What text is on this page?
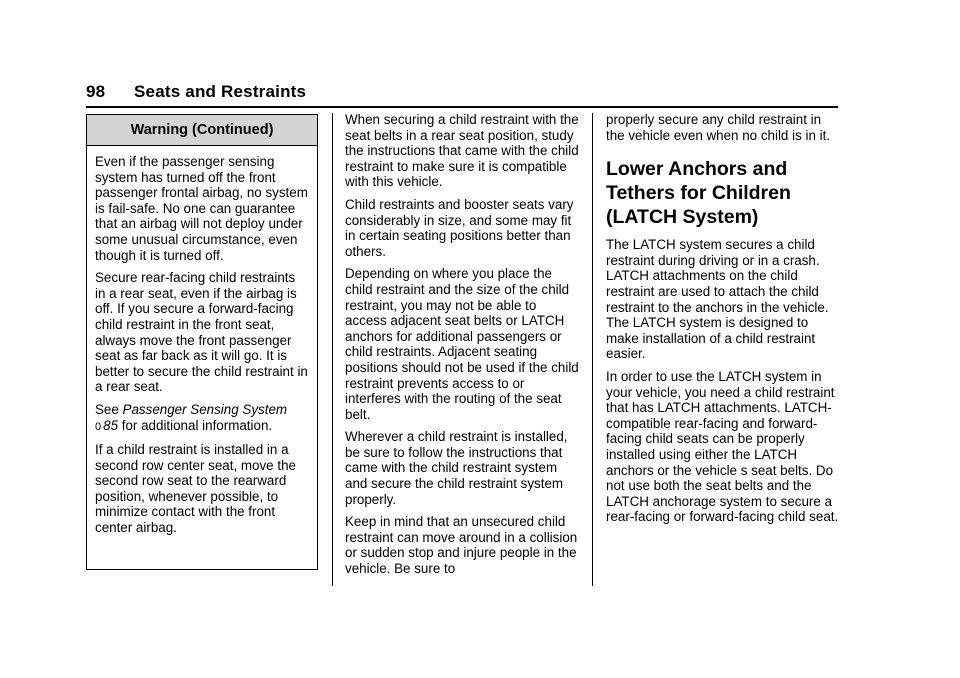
98 Seats and Restraints
Warning (Continued)

Even if the passenger sensing system has turned off the front passenger frontal airbag, no system is fail-safe. No one can guarantee that an airbag will not deploy under some unusual circumstance, even though it is turned off.

Secure rear-facing child restraints in a rear seat, even if the airbag is off. If you secure a forward-facing child restraint in the front seat, always move the front passenger seat as far back as it will go. It is better to secure the child restraint in a rear seat.

See Passenger Sensing System
0 85 for additional information.

If a child restraint is installed in a second row center seat, move the second row seat to the rearward position, whenever possible, to minimize contact with the front center airbag.

When securing a child restraint with the seat belts in a rear seat position, study the instructions that came with the child restraint to make sure it is compatible with this vehicle.

Child restraints and booster seats vary considerably in size, and some may fit in certain seating positions better than others.

Depending on where you place the child restraint and the size of the child restraint, you may not be able to access adjacent seat belts or LATCH anchors for additional passengers or child restraints. Adjacent seating positions should not be used if the child restraint prevents access to or interferes with the routing of the seat belt.

Wherever a child restraint is installed, be sure to follow the instructions that came with the child restraint system and secure the child restraint system properly.

Keep in mind that an unsecured child restraint can move around in a collision or sudden stop and injure people in the vehicle. Be sure to

properly secure any child restraint in the vehicle even when no child is in it.

Lower Anchors and Tethers for Children (LATCH System)

The LATCH system secures a child restraint during driving or in a crash. LATCH attachments on the child restraint are used to attach the child restraint to the anchors in the vehicle. The LATCH system is designed to make installation of a child restraint easier.

In order to use the LATCH system in your vehicle, you need a child restraint that has LATCH attachments. LATCH-compatible rear-facing and forward-facing child seats can be properly installed using either the LATCH anchors or the vehicle s seat belts. Do not use both the seat belts and the LATCH anchorage system to secure a rear-facing or forward-facing child seat.
